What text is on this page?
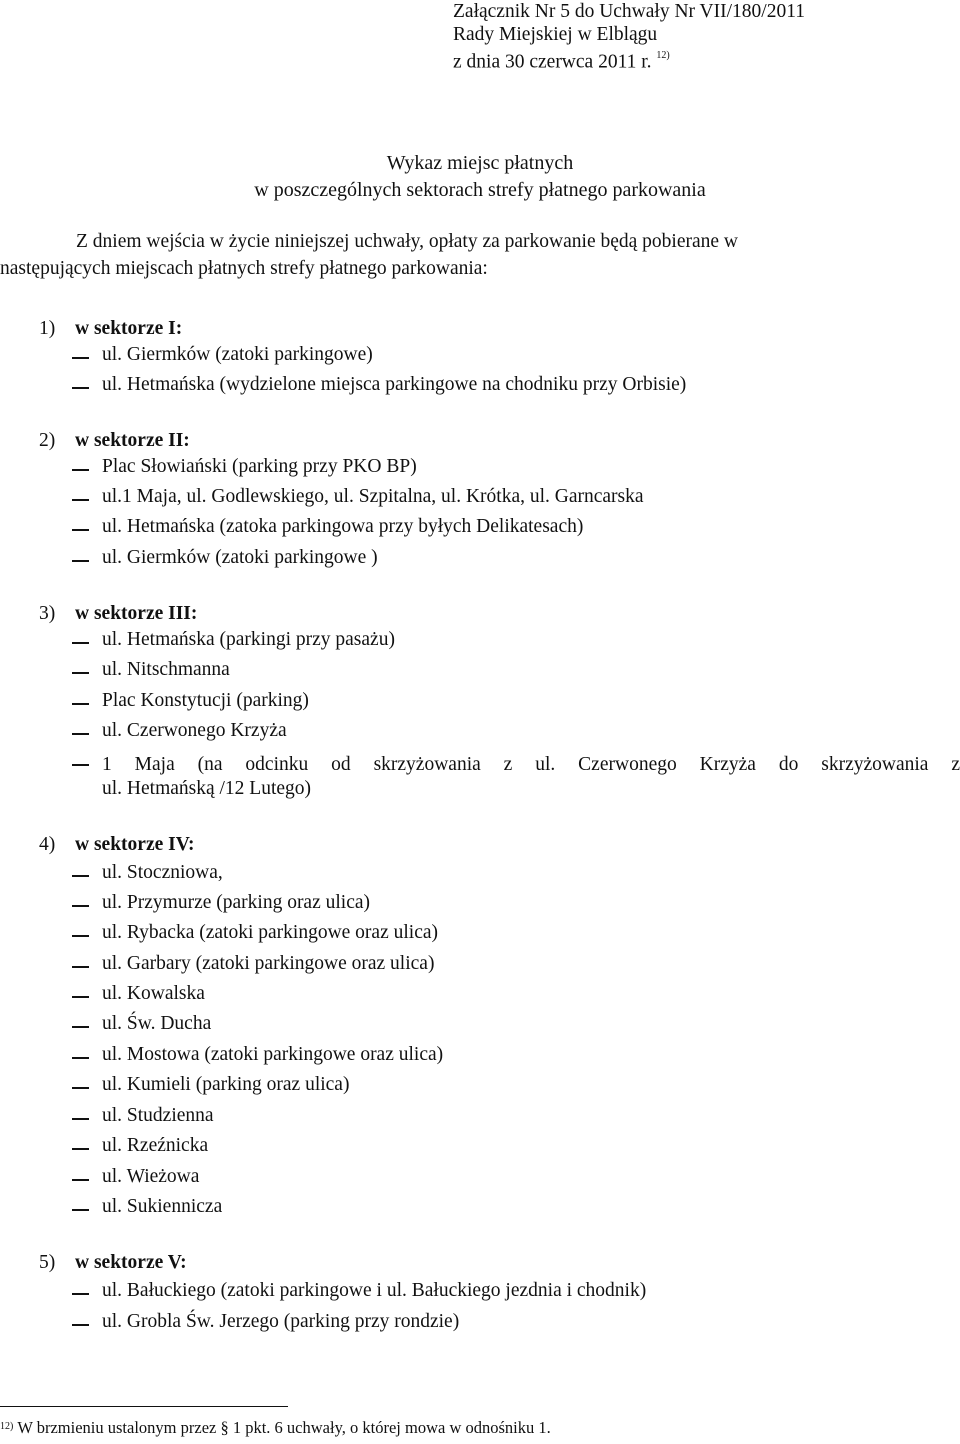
Załącznik Nr 5 do Uchwały Nr VII/180/2011
Rady Miejskiej w Elblągu
z dnia 30 czerwca 2011 r. $^{12)}$
Wykaz miejsc płatnych
w poszczególnych sektorach strefy płatnego parkowania
Z dniem wejścia w życie niniejszej uchwały, opłaty za parkowanie będą pobierane w
następujących miejscach płatnych strefy płatnego parkowania:
1) w sektorze I:
ul. Giermków (zatoki parkingowe)
ul. Hetmańska (wydzielone miejsca parkingowe na chodniku przy Orbisie)
2) w sektorze II:
Plac Słowiański (parking przy PKO BP)
ul.1 Maja, ul. Godlewskiego, ul. Szpitalna, ul. Krótka, ul. Garncarska
ul. Hetmańska (zatoka parkingowa przy byłych Delikatesach)
ul. Giermków (zatoki parkingowe )
3) w sektorze III:
ul. Hetmańska (parkingi przy pasażu)
ul. Nitschmanna
Plac Konstytucji (parking)
ul. Czerwonego Krzyża
1 Maja (na odcinku od skrzyżowania z ul. Czerwonego Krzyża do skrzyżowania z
ul. Hetmańską /12 Lutego)
4) w sektorze IV:
ul. Stoczniowa,
ul. Przymurze (parking oraz ulica)
ul. Rybacka (zatoki parkingowe oraz ulica)
ul. Garbary (zatoki parkingowe oraz ulica)
ul. Kowalska
ul. Św. Ducha
ul. Mostowa (zatoki parkingowe oraz ulica)
ul. Kumieli (parking oraz ulica)
ul. Studzienna
ul. Rzeźnicka
ul. Wieżowa
ul. Sukiennicza
5) w sektorze V:
ul. Bałuckiego (zatoki parkingowe i ul. Bałuckiego jezdnia i chodnik)
ul. Grobla Św. Jerzego (parking przy rondzie)
$^{12)}$ W brzmieniu ustalonym przez § 1 pkt. 6 uchwały, o której mowa w odnośniku 1.
